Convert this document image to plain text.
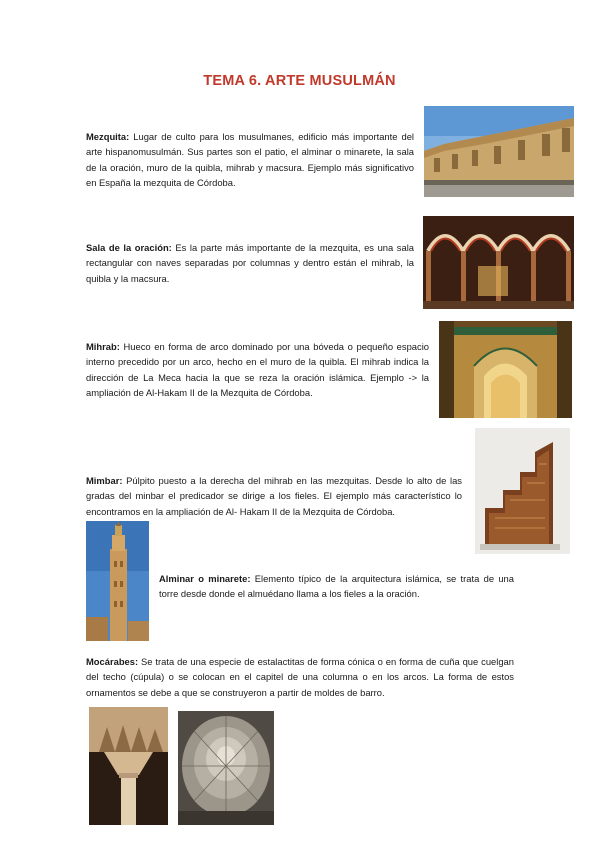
TEMA 6. ARTE MUSULMÁN
Mezquita: Lugar de culto para los musulmanes, edificio más importante del arte hispanomusulmán. Sus partes son el patio, el alminar o minarete, la sala de la oración, muro de la quibla, mihrab y macsura. Ejemplo más significativo en España la mezquita de Córdoba.
Sala de la oración: Es la parte más importante de la mezquita, es una sala rectangular con naves separadas por columnas y dentro están el mihrab, la quibla y la macsura.
Mihrab: Hueco en forma de arco dominado por una bóveda o pequeño espacio interno precedido por un arco, hecho en el muro de la quibla. El mihrab indica la dirección de La Meca hacia la que se reza la oración islámica. Ejemplo -> la ampliación de Al-Hakam II de la Mezquita de Córdoba.
Mimbar: Púlpito puesto a la derecha del mihrab en las mezquitas. Desde lo alto de las gradas del minbar el predicador se dirige a los fieles. El ejemplo más característico lo encontramos en la ampliación de Al- Hakam II de la Mezquita de Córdoba.
Alminar o minarete: Elemento típico de la arquitectura islámica, se trata de una torre desde donde el almuédano llama a los fieles a la oración.
Mocárabes: Se trata de una especie de estalactitas de forma cónica o en forma de cuña que cuelgan del techo (cúpula) o se colocan en el capitel de una columna o en los arcos. La forma de estos ornamentos se debe a que se construyeron a partir de moldes de barro.
